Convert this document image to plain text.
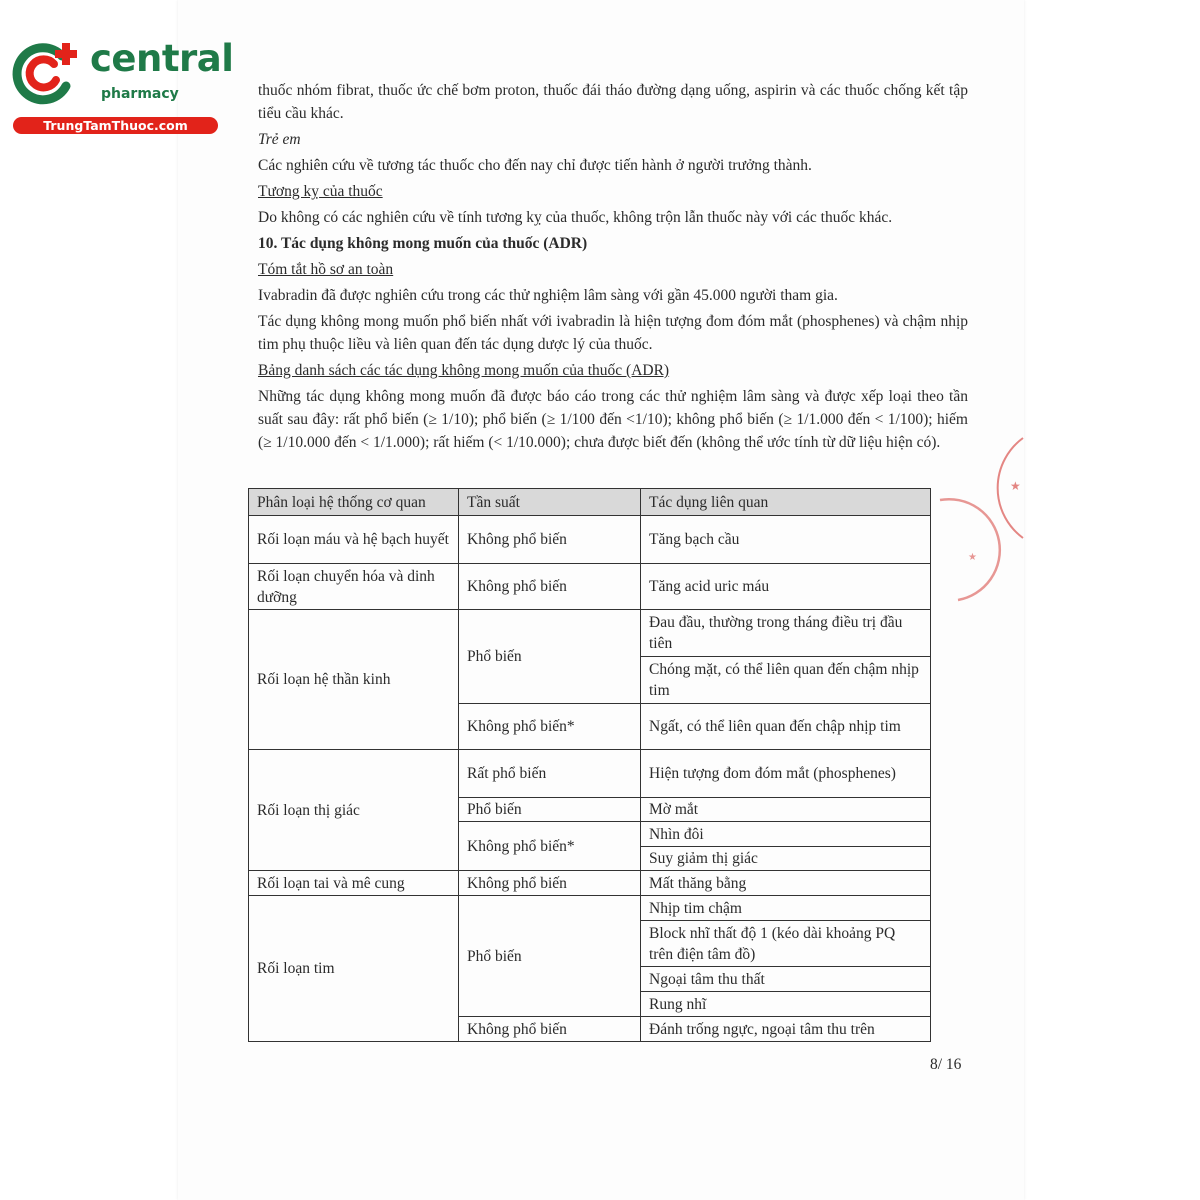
★
★
central
pharmacy
TrungTamThuoc.com

thuốc nhóm fibrat, thuốc ức chế bơm proton, thuốc đái tháo đường dạng uống, aspirin và các thuốc chống kết tập tiểu cầu khác.

Trẻ em

Các nghiên cứu về tương tác thuốc cho đến nay chỉ được tiến hành ở người trưởng thành.

Tương kỵ của thuốc

Do không có các nghiên cứu về tính tương kỵ của thuốc, không trộn lẫn thuốc này với các thuốc khác.

10. Tác dụng không mong muốn của thuốc (ADR)

Tóm tắt hồ sơ an toàn

Ivabradin đã được nghiên cứu trong các thử nghiệm lâm sàng với gần 45.000 người tham gia.

Tác dụng không mong muốn phổ biến nhất với ivabradin là hiện tượng đom đóm mắt (phosphenes) và chậm nhịp tim phụ thuộc liều và liên quan đến tác dụng dược lý của thuốc.

Bảng danh sách các tác dụng không mong muốn của thuốc (ADR)

Những tác dụng không mong muốn đã được báo cáo trong các thử nghiệm lâm sàng và được xếp loại theo tần suất sau đây: rất phổ biến (≥ 1/10); phổ biến (≥ 1/100 đến <1/10); không phổ biến (≥ 1/1.000 đến < 1/100); hiếm (≥ 1/10.000 đến < 1/1.000); rất hiếm (< 1/10.000); chưa được biết đến (không thể ước tính từ dữ liệu hiện có).

Phân loại hệ thống cơ quan	Tần suất	Tác dụng liên quan
Rối loạn máu và hệ bạch huyết	Không phổ biến	Tăng bạch cầu
Rối loạn chuyển hóa và dinh dưỡng	Không phổ biến	Tăng acid uric máu
Rối loạn hệ thần kinh	Phổ biến	Đau đầu, thường trong tháng điều trị đầu tiên
		Chóng mặt, có thể liên quan đến chậm nhịp tim
	Không phổ biến*	Ngất, có thể liên quan đến chập nhịp tim
Rối loạn thị giác	Rất phổ biến	Hiện tượng đom đóm mắt (phosphenes)
	Phổ biến	Mờ mắt
	Không phổ biến*	Nhìn đôi
		Suy giảm thị giác
Rối loạn tai và mê cung	Không phổ biến	Mất thăng bằng
Rối loạn tim	Phổ biến	Nhịp tim chậm
		Block nhĩ thất độ 1 (kéo dài khoảng PQ trên điện tâm đồ)
		Ngoại tâm thu thất
		Rung nhĩ
	Không phổ biến	Đánh trống ngực, ngoại tâm thu trên
8/ 16
